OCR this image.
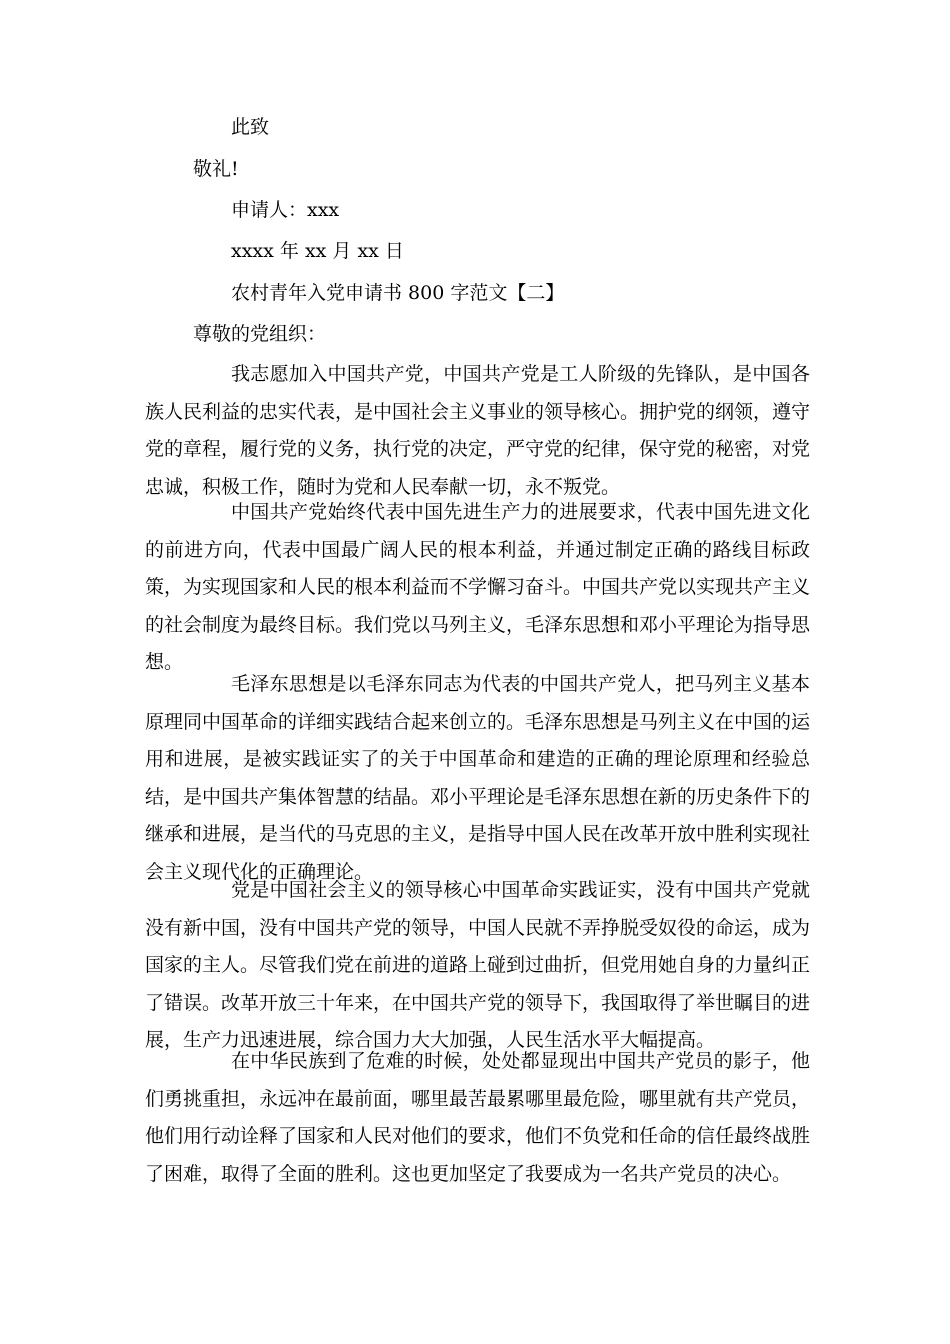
此致
敬礼!
申请人：xxx
xxxx 年 xx 月 xx 日
农村青年入党申请书 800 字范文【二】
尊敬的党组织：
我志愿加入中国共产党，中国共产党是工人阶级的先锋队，是中国各族人民利益的忠实代表，是中国社会主义事业的领导核心。拥护党的纲领，遵守党的章程，履行党的义务，执行党的决定，严守党的纪律，保守党的秘密，对党忠诚，积极工作，随时为党和人民奉献一切，永不叛党。
中国共产党始终代表中国先进生产力的进展要求，代表中国先进文化的前进方向，代表中国最广阔人民的根本利益，并通过制定正确的路线目标政策，为实现国家和人民的根本利益而不学懈习奋斗。中国共产党以实现共产主义的社会制度为最终目标。我们党以马列主义，毛泽东思想和邓小平理论为指导思想。
毛泽东思想是以毛泽东同志为代表的中国共产党人，把马列主义基本原理同中国革命的详细实践结合起来创立的。毛泽东思想是马列主义在中国的运用和进展，是被实践证实了的关于中国革命和建造的正确的理论原理和经验总结，是中国共产集体智慧的结晶。邓小平理论是毛泽东思想在新的历史条件下的继承和进展，是当代的马克思的主义，是指导中国人民在改革开放中胜利实现社会主义现代化的正确理论。
党是中国社会主义的领导核心中国革命实践证实，没有中国共产党就没有新中国，没有中国共产党的领导，中国人民就不弄挣脱受奴役的命运，成为国家的主人。尽管我们党在前进的道路上碰到过曲折，但党用她自身的力量纠正了错误。改革开放三十年来，在中国共产党的领导下，我国取得了举世瞩目的进展，生产力迅速进展，综合国力大大加强，人民生活水平大幅提高。
在中华民族到了危难的时候，处处都显现出中国共产党员的影子，他们勇挑重担，永远冲在最前面，哪里最苦最累哪里最危险，哪里就有共产党员，他们用行动诠释了国家和人民对他们的要求，他们不负党和任命的信任最终战胜了困难，取得了全面的胜利。这也更加坚定了我要成为一名共产党员的决心。
